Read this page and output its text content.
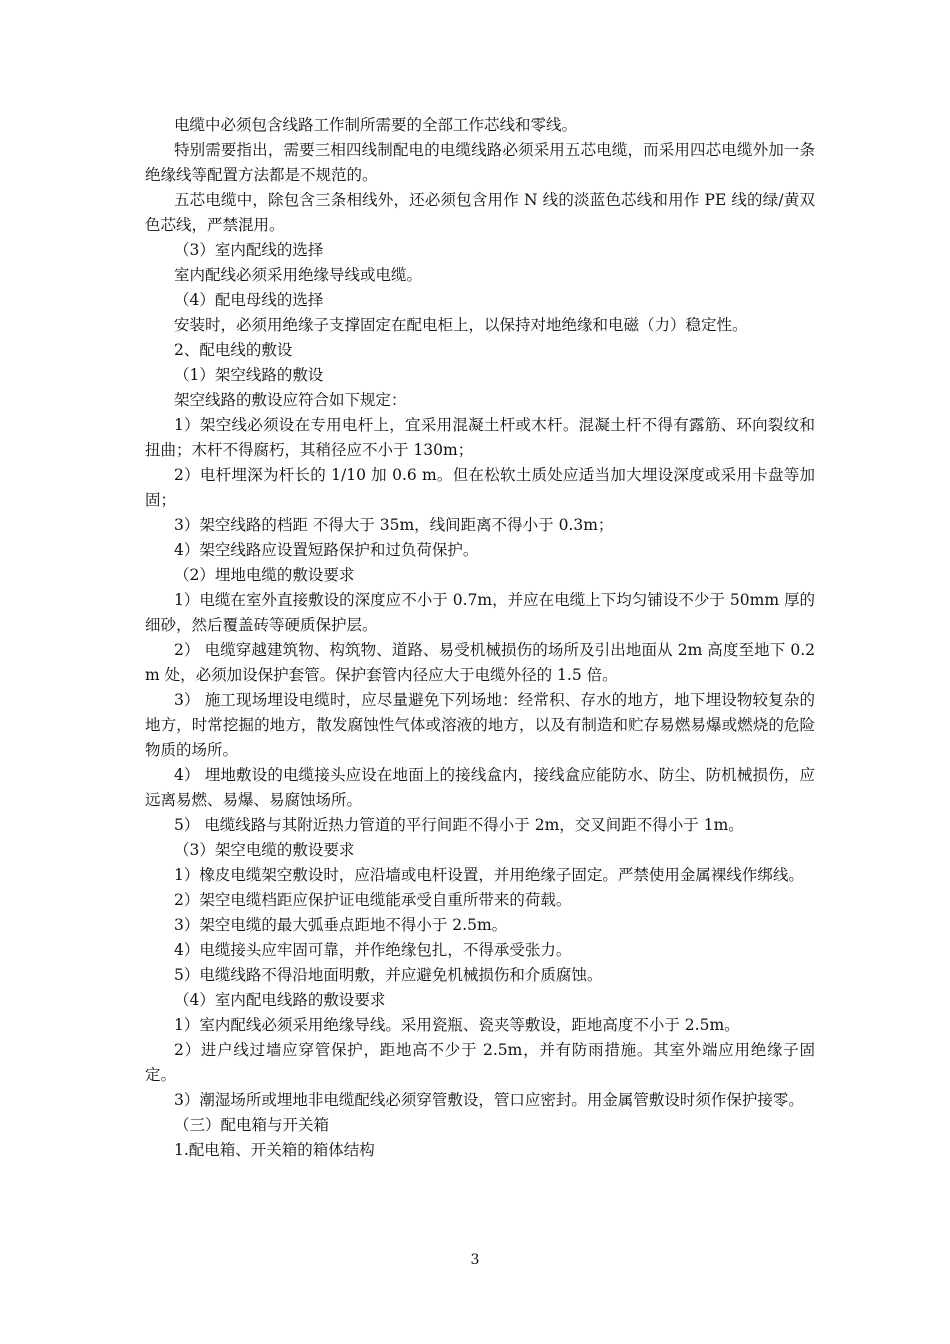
电缆中必须包含线路工作制所需要的全部工作芯线和零线。

特别需要指出，需要三相四线制配电的电缆线路必须采用五芯电缆，而采用四芯电缆外加一条绝缘线等配置方法都是不规范的。

五芯电缆中，除包含三条相线外，还必须包含用作 N 线的淡蓝色芯线和用作 PE 线的绿/黄双色芯线，严禁混用。

（3）室内配线的选择

室内配线必须采用绝缘导线或电缆。

（4）配电母线的选择

安装时，必须用绝缘子支撑固定在配电柜上，以保持对地绝缘和电磁（力）稳定性。

2、配电线的敷设

（1）架空线路的敷设

架空线路的敷设应符合如下规定：

1）架空线必须设在专用电杆上，宜采用混凝土杆或木杆。混凝土杆不得有露筋、环向裂纹和扭曲；木杆不得腐朽，其稍径应不小于 130m；

2）电杆埋深为杆长的 1/10 加 0.6 m。但在松软土质处应适当加大埋设深度或采用卡盘等加固；

3）架空线路的档距 不得大于 35m，线间距离不得小于 0.3m；

4）架空线路应设置短路保护和过负荷保护。

（2）埋地电缆的敷设要求

1）电缆在室外直接敷设的深度应不小于 0.7m，并应在电缆上下均匀铺设不少于 50mm 厚的细砂，然后覆盖砖等硬质保护层。

2） 电缆穿越建筑物、构筑物、道路、易受机械损伤的场所及引出地面从 2m 高度至地下 0.2m 处，必须加设保护套管。保护套管内径应大于电缆外径的 1.5 倍。

3） 施工现场埋设电缆时，应尽量避免下列场地：经常积、存水的地方，地下埋设物较复杂的地方，时常挖掘的地方，散发腐蚀性气体或溶液的地方，以及有制造和贮存易燃易爆或燃烧的危险物质的场所。

4） 埋地敷设的电缆接头应设在地面上的接线盒内，接线盒应能防水、防尘、防机械损伤，应远离易燃、易爆、易腐蚀场所。

5） 电缆线路与其附近热力管道的平行间距不得小于 2m，交叉间距不得小于 1m。

（3）架空电缆的敷设要求

1）橡皮电缆架空敷设时，应沿墙或电杆设置，并用绝缘子固定。严禁使用金属裸线作绑线。

2）架空电缆档距应保护证电缆能承受自重所带来的荷载。

3）架空电缆的最大弧垂点距地不得小于 2.5m。

4）电缆接头应牢固可靠，并作绝缘包扎，不得承受张力。

5）电缆线路不得沿地面明敷，并应避免机械损伤和介质腐蚀。

（4）室内配电线路的敷设要求

1）室内配线必须采用绝缘导线。采用瓷瓶、瓷夹等敷设，距地高度不小于 2.5m。

2）进户线过墙应穿管保护，距地高不少于 2.5m，并有防雨措施。其室外端应用绝缘子固定。

3）潮湿场所或埋地非电缆配线必须穿管敷设，管口应密封。用金属管敷设时须作保护接零。

（三）配电箱与开关箱

1.配电箱、开关箱的箱体结构

3
